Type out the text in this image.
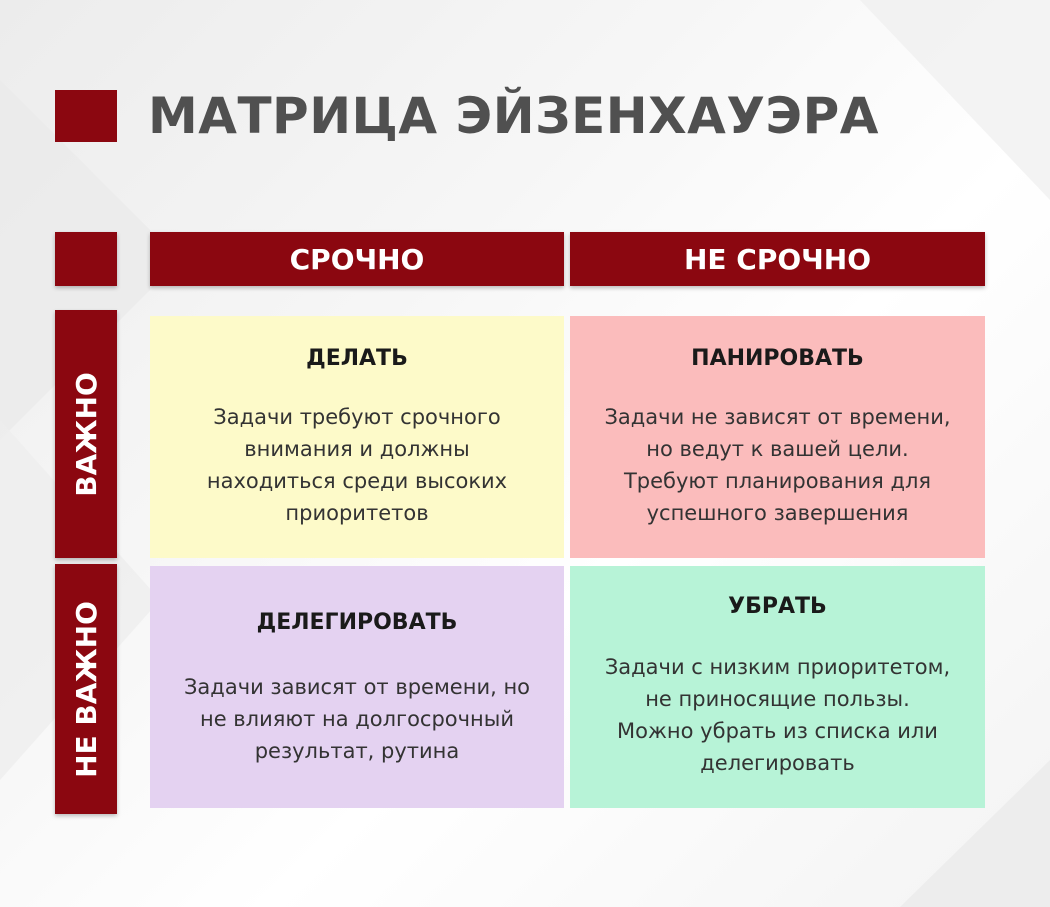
МАТРИЦА ЭЙЗЕНХАУЭРА
СРОЧНО	НЕ СРОЧНО
ВАЖНО
НЕ ВАЖНО

ДЕЛАТЬ

Задачи требуют срочного
внимания и должны
находиться среди высоких
приоритетов

ПАНИРОВАТЬ

Задачи не зависят от времени,
но ведут к вашей цели.
Требуют планирования для
успешного завершения

ДЕЛЕГИРОВАТЬ

Задачи зависят от времени, но
не влияют на долгосрочный
результат, рутина

УБРАТЬ

Задачи с низким приоритетом,
не приносящие пользы.
Можно убрать из списка или
делегировать
